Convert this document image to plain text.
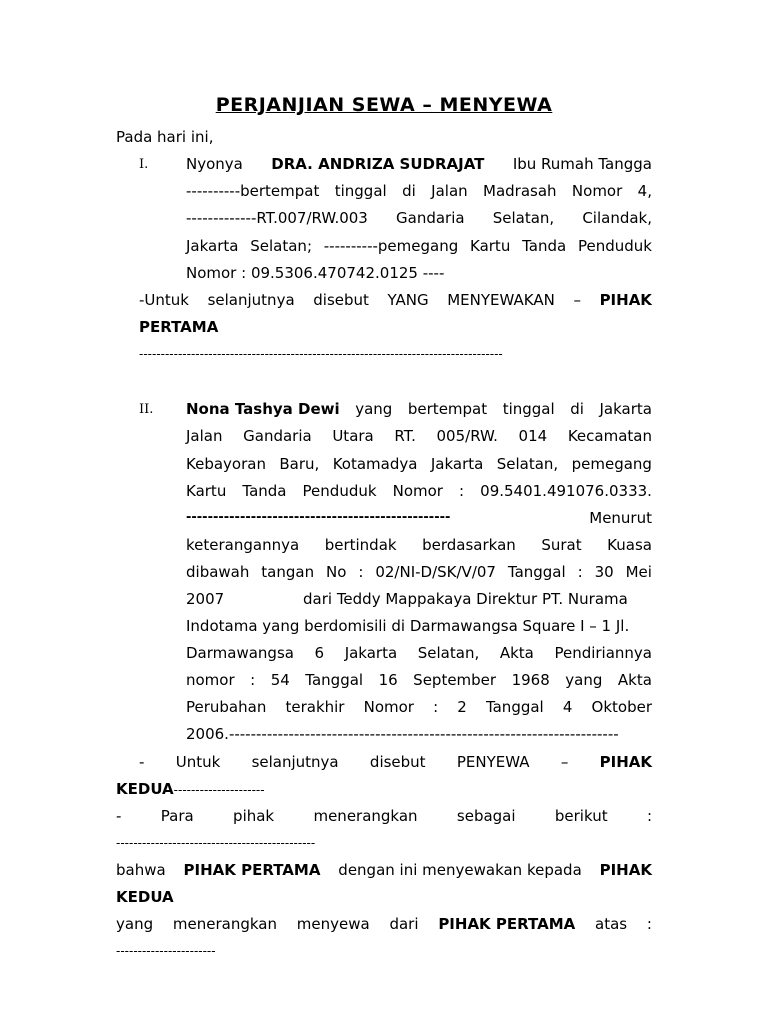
PERJANJIAN SEWA – MENYEWA
Pada hari ini,
I.	Nyonya DRA. ANDRIZA SUDRAJAT Ibu Rumah Tangga
----------bertempat tinggal di Jalan Madrasah Nomor 4,
-------------RT.007/RW.003 Gandaria Selatan, Cilandak,
Jakarta Selatan; ----------pemegang Kartu Tanda Penduduk
Nomor : 09.5306.470742.0125 ----
-Untuk selanjutnya disebut YANG MENYEWAKAN – PIHAK
PERTAMA
------------------------------------------------------------------------------------
II. Nona Tashya Dewi yang bertempat tinggal di Jakarta
Jalan Gandaria Utara RT. 005/RW. 014 Kecamatan
Kebayoran Baru, Kotamadya Jakarta Selatan, pemegang
Kartu Tanda Penduduk Nomor : 09.5401.491076.0333.
-------------------------------------------------	Menurut
keterangannya bertindak berdasarkan Surat Kuasa
dibawah tangan No : 02/NI-D/SK/V/07 Tanggal : 30 Mei
2007	dari Teddy Mappakaya Direktur PT. Nurama
Indotama yang berdomisili di Darmawangsa Square I – 1 Jl.
Darmawangsa 6 Jakarta Selatan, Akta Pendiriannya
nomor : 54 Tanggal 16 September 1968 yang Akta
Perubahan terakhir Nomor : 2 Tanggal 4 Oktober
2006.------------------------------------------------------------------------
- Untuk selanjutnya disebut PENYEWA – PIHAK
KEDUA---------------------
-	Para	pihak	menerangkan	sebagai	berikut	:
----------------------------------------------
bahwa PIHAK PERTAMA dengan ini menyewakan kepada PIHAK
KEDUA
yang menerangkan menyewa dari PIHAK PERTAMA atas :
-----------------------
